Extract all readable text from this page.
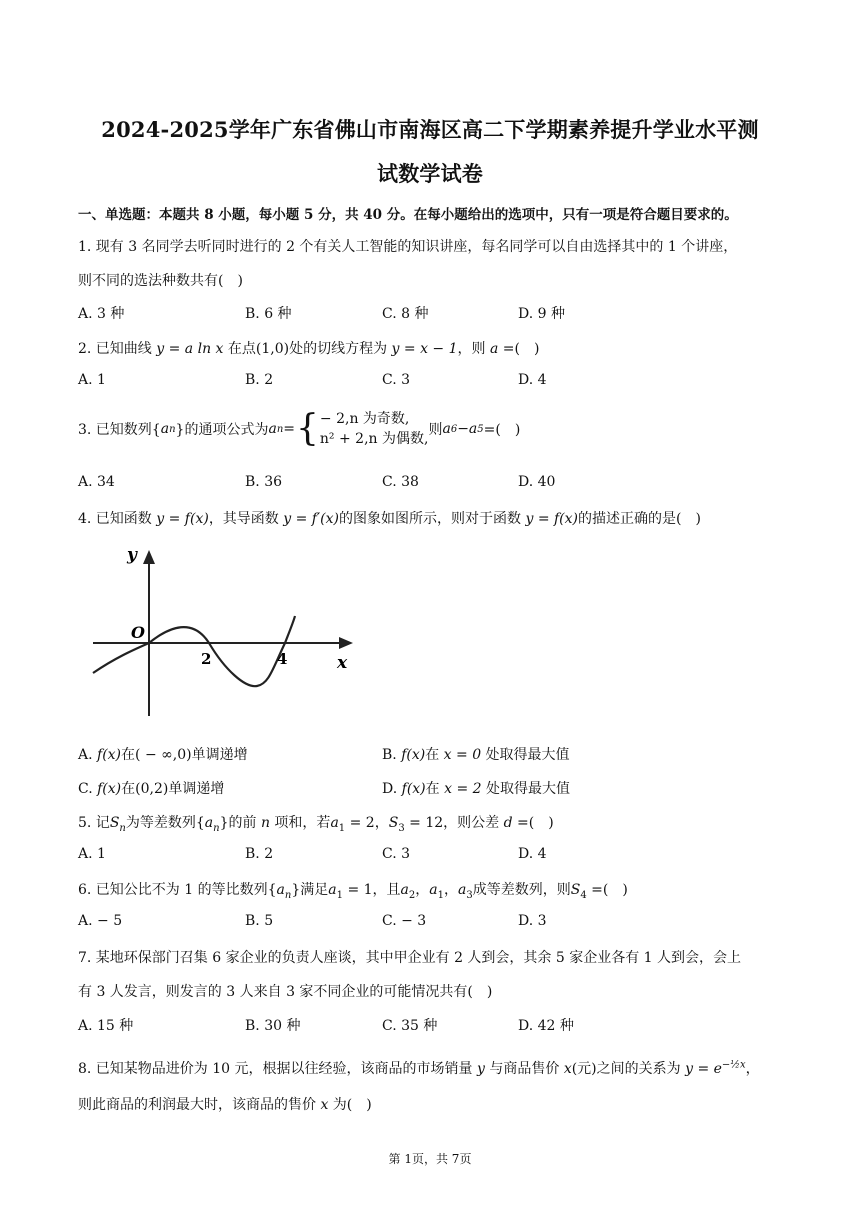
2024-2025学年广东省佛山市南海区高二下学期素养提升学业水平测
试数学试卷
一、单选题：本题共 8 小题，每小题 5 分，共 40 分。在每小题给出的选项中，只有一项是符合题目要求的。
1. 现有 3 名同学去听同时进行的 2 个有关人工智能的知识讲座，每名同学可以自由选择其中的 1 个讲座，
则不同的选法种数共有(　)
A. 3 种	B. 6 种	C. 8 种	D. 9 种
2. 已知曲线 y = a ln x 在点(1,0)处的切线方程为 y = x − 1，则 a =(　)
A. 1	B. 2	C. 3	D. 4
3. 已知数列{ a n }的通项公式为 a n = { − 2,n 为奇数,
n² + 2,n 为偶数,
则 a 6 − a 5 =(　)
A. 34	B. 36	C. 38	D. 40
4. 已知函数 y = f(x)，其导函数 y = f′(x)的图象如图所示，则对于函数 y = f(x)的描述正确的是(　)
y
x
O
2	4
A. f(x)在( − ∞,0)单调递增	B. f(x)在 x = 0 处取得最大值
C. f(x)在(0,2)单调递增	D. f(x)在 x = 2 处取得最大值
5. 记$S_n$为等差数列$\{a_n\}$的前 n 项和，若$a_1 = 2$，$S_3 = 12$，则公差 d =(　)
A. 1	B. 2	C. 3	D. 4
6. 已知公比不为 1 的等比数列$\{a_n\}$满足$a_1 = 1$，且$a_2$，$a_1$，$a_3$成等差数列，则$S_4$ =(　)
A. − 5	B. 5	C. − 3	D. 3
7. 某地环保部门召集 6 家企业的负责人座谈，其中甲企业有 2 人到会，其余 5 家企业各有 1 人到会，会上
有 3 人发言，则发言的 3 人来自 3 家不同企业的可能情况共有(　)
A. 15 种	B. 30 种	C. 35 种	D. 42 种
8. 已知某物品进价为 10 元，根据以往经验，该商品的市场销量 y 与商品售价 x(元)之间的关系为 $y = e^{-\frac{1}{2}x}$，
则此商品的利润最大时，该商品的售价 x 为(　)
第 1页，共 7页
